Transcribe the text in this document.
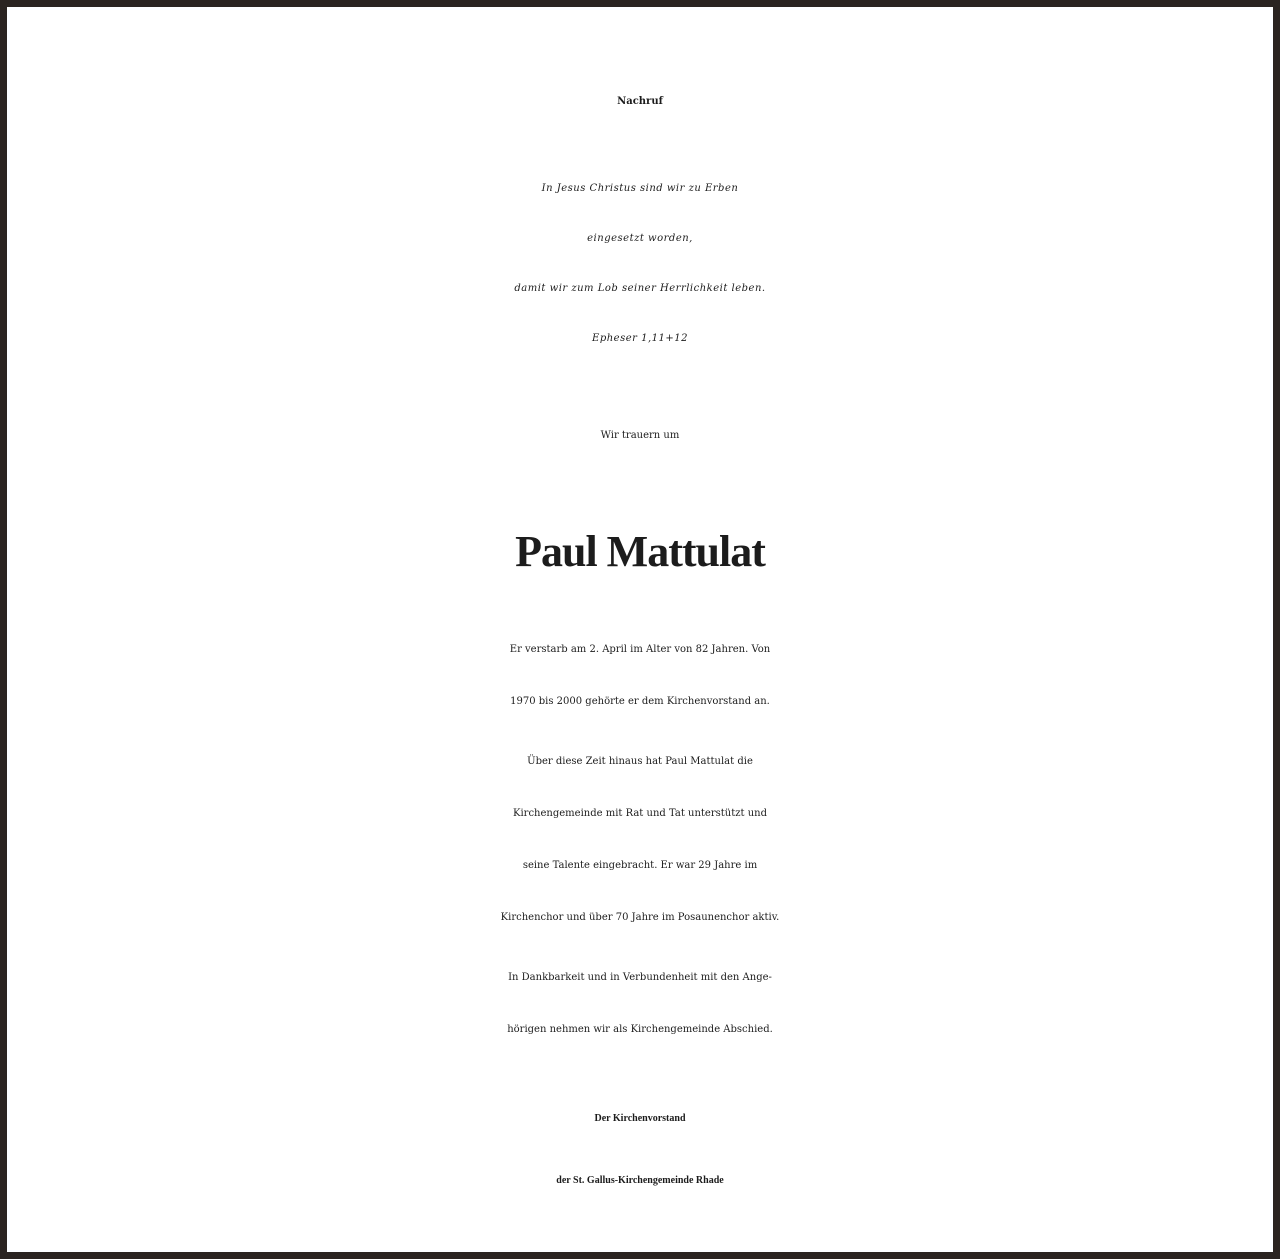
Nachruf
In Jesus Christus sind wir zu Erben
eingesetzt worden,
damit wir zum Lob seiner Herrlichkeit leben.
Epheser 1,11+12
Wir trauern um
Paul Mattulat
Er verstarb am 2. April im Alter von 82 Jahren. Von
1970 bis 2000 gehörte er dem Kirchenvorstand an.
Über diese Zeit hinaus hat Paul Mattulat die
Kirchengemeinde mit Rat und Tat unterstützt und
seine Talente eingebracht. Er war 29 Jahre im
Kirchenchor und über 70 Jahre im Posaunenchor aktiv.
In Dankbarkeit und in Verbundenheit mit den Ange-
hörigen nehmen wir als Kirchengemeinde Abschied.
Der Kirchenvorstand
der St. Gallus-Kirchengemeinde Rhade
